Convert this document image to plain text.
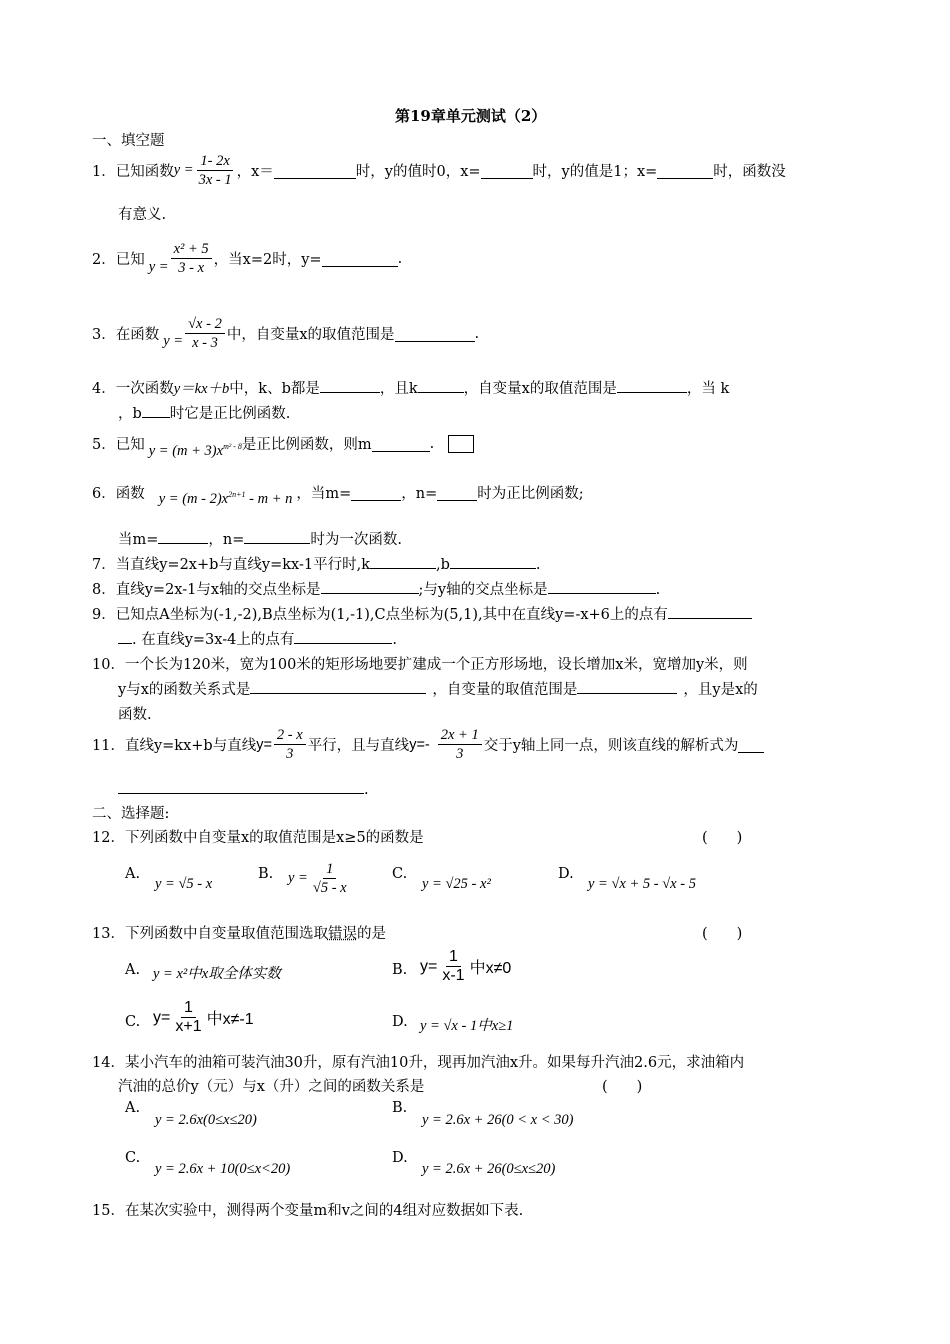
第19章单元测试（2）
一、填空题
1． 已知函数 $y = \frac{1- 2x}{3x - 1}$ ，x＝	时，y的值时0，x=	时，y的值是1；x=	时，函数没
有意义.
2． 已知 $y = \frac{\text{x² + 5}}{3 - x}$ ，当x=2时，y=	.
3． 在函数 $y = \frac{√x - 2}{x - 3}$ 中，自变量x的取值范围是	.
4．一次函数y＝kx＋b中，k、b都是	，且k	，自变量x的取值范围是	，当 k
，b 时它是正比例函数.
5． 已知 $y = (m + 3)x^{m^2 - 8}$ 是正比例函数，则m	.
6． 函数 $y = (m - 2)x^{2n+1} - m + n$ ，当m=	，n=	时为正比例函数;
当m=	，n=	时为一次函数.
7．当直线y=2x+b与直线y=kx-1平行时,k	,b	.
8．直线y=2x-1与x轴的交点坐标是	;与y轴的交点坐标是	.
9．已知点A坐标为(-1,-2),B点坐标为(1,-1),C点坐标为(5,1),其中在直线y=-x+6上的点有
. 在直线y=3x-4上的点有	.
10．一个长为120米，宽为100米的矩形场地要扩建成一个正方形场地，设长增加x米，宽增加y米，则
y与x的函数关系式是	，自变量的取值范围是	，且y是x的
函数.
11． 直线y=kx+b与直线 $y= \frac{2 - x}{3}$ 平行，且与直线 $y=- \frac{2x + 1}{3}$ 交于y轴上同一点，则该直线的解析式为
.
二、选择题:
12．下列函数中自变量x的取值范围是x≥5的函数是	(　　)
A.
y = √5 - x
B. $y = \frac{1}{√5 - x}$	C.
y = √25 - x²
D.
y = √x + 5 - √x - 5
13．下列函数中自变量取值范围选取错误的是	(　　)
A. y = x²中x取全体实数	B. $y= \frac{1}{x-1}$ 中x≠0
C. $y= \frac{1}{x+1}$ 中x≠-1	D. y = √x - 1中x≥1
14．某小汽车的油箱可装汽油30升，原有汽油10升，现再加汽油x升。如果每升汽油2.6元，求油箱内
汽油的总价y（元）与x（升）之间的函数关系是	(　　)
A.
y = 2.6x(0≤x≤20)
B.
y = 2.6x + 26(0 < x < 30)
C.
y = 2.6x + 10(0≤x<20)
D.
y = 2.6x + 26(0≤x≤20)
15．在某次实验中，测得两个变量m和v之间的4组对应数据如下表.
